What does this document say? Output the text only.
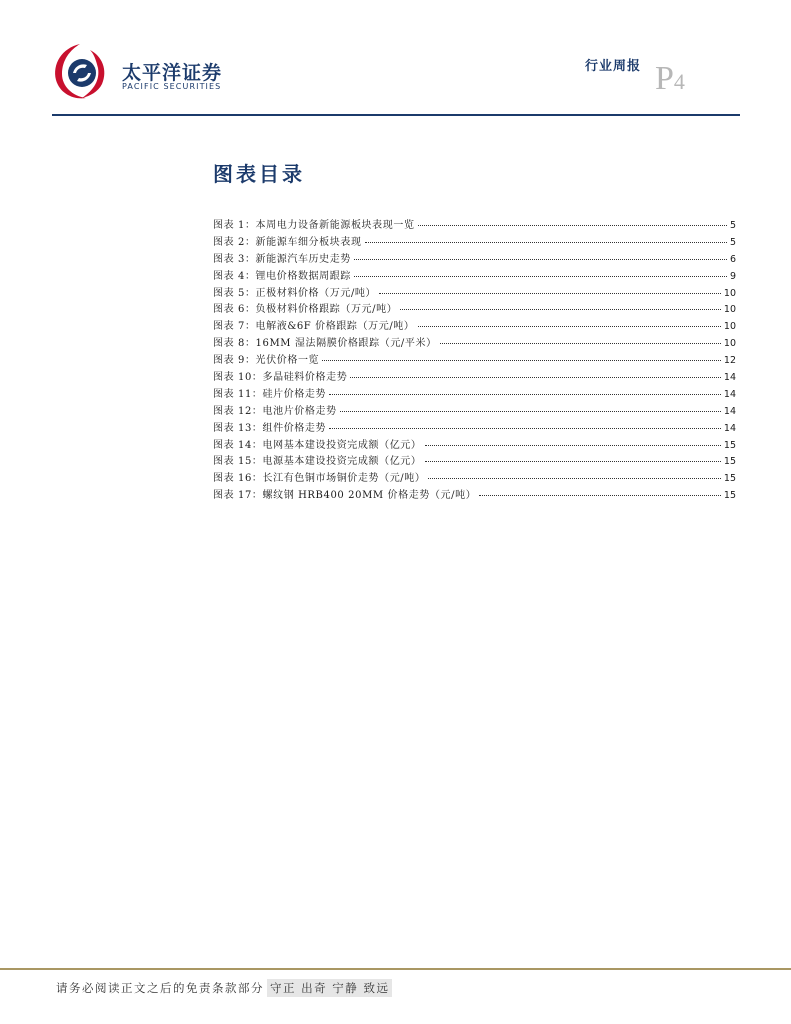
太平洋证券
PACIFIC SECURITIES
行业周报 P4
图表目录
图表 1：本周电力设备新能源板块表现一览	5
图表 2：新能源车细分板块表现	5
图表 3：新能源汽车历史走势	6
图表 4：锂电价格数据周跟踪	9
图表 5：正极材料价格（万元/吨）	10
图表 6：负极材料价格跟踪（万元/吨）	10
图表 7：电解液&6F 价格跟踪（万元/吨）	10
图表 8：16MM 湿法隔膜价格跟踪（元/平米）	10
图表 9：光伏价格一览	12
图表 10：多晶硅料价格走势	14
图表 11：硅片价格走势	14
图表 12：电池片价格走势	14
图表 13：组件价格走势	14
图表 14：电网基本建设投资完成额（亿元）	15
图表 15：电源基本建设投资完成额（亿元）	15
图表 16：长江有色铜市场铜价走势（元/吨）	15
图表 17：螺纹钢 HRB400 20MM 价格走势（元/吨）	15
请务必阅读正文之后的免责条款部分 守正 出奇 宁静 致远
